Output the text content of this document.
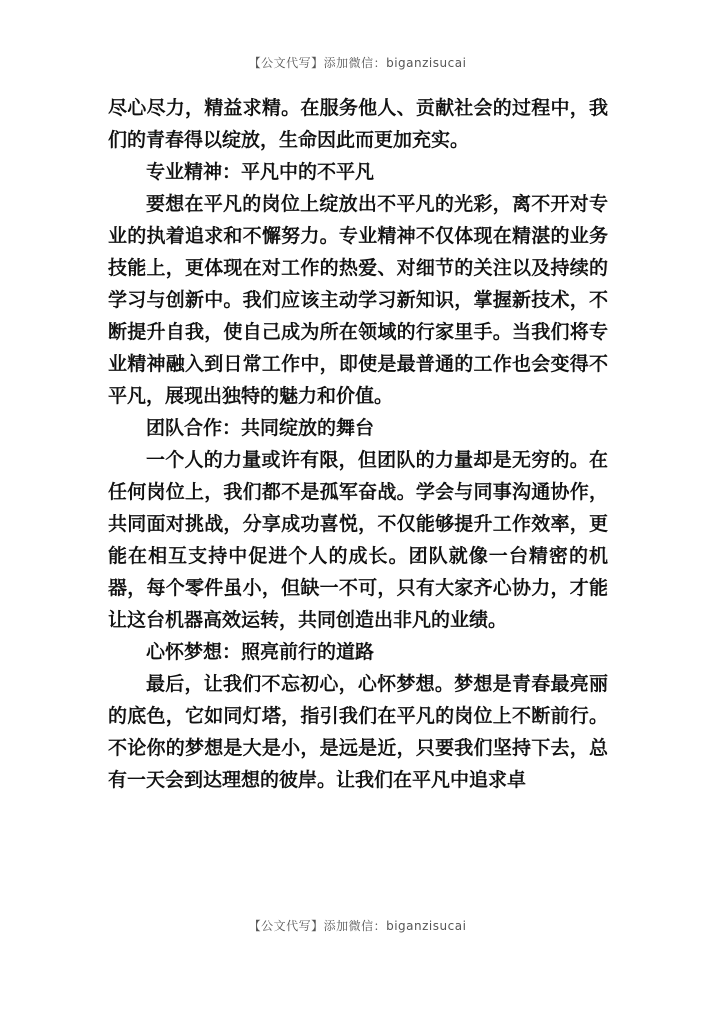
【公文代写】添加微信：biganzisucai

尽心尽力，精益求精。在服务他人、贡献社会的过程中，我们的青春得以绽放，生命因此而更加充实。

专业精神：平凡中的不平凡

要想在平凡的岗位上绽放出不平凡的光彩，离不开对专业的执着追求和不懈努力。专业精神不仅体现在精湛的业务技能上，更体现在对工作的热爱、对细节的关注以及持续的学习与创新中。我们应该主动学习新知识，掌握新技术，不断提升自我，使自己成为所在领域的行家里手。当我们将专业精神融入到日常工作中，即使是最普通的工作也会变得不平凡，展现出独特的魅力和价值。

团队合作：共同绽放的舞台

一个人的力量或许有限，但团队的力量却是无穷的。在任何岗位上，我们都不是孤军奋战。学会与同事沟通协作，共同面对挑战，分享成功喜悦，不仅能够提升工作效率，更能在相互支持中促进个人的成长。团队就像一台精密的机器，每个零件虽小，但缺一不可，只有大家齐心协力，才能让这台机器高效运转，共同创造出非凡的业绩。

心怀梦想：照亮前行的道路

最后，让我们不忘初心，心怀梦想。梦想是青春最亮丽的底色，它如同灯塔，指引我们在平凡的岗位上不断前行。不论你的梦想是大是小，是远是近，只要我们坚持下去，总有一天会到达理想的彼岸。让我们在平凡中追求卓

【公文代写】添加微信：biganzisucai
